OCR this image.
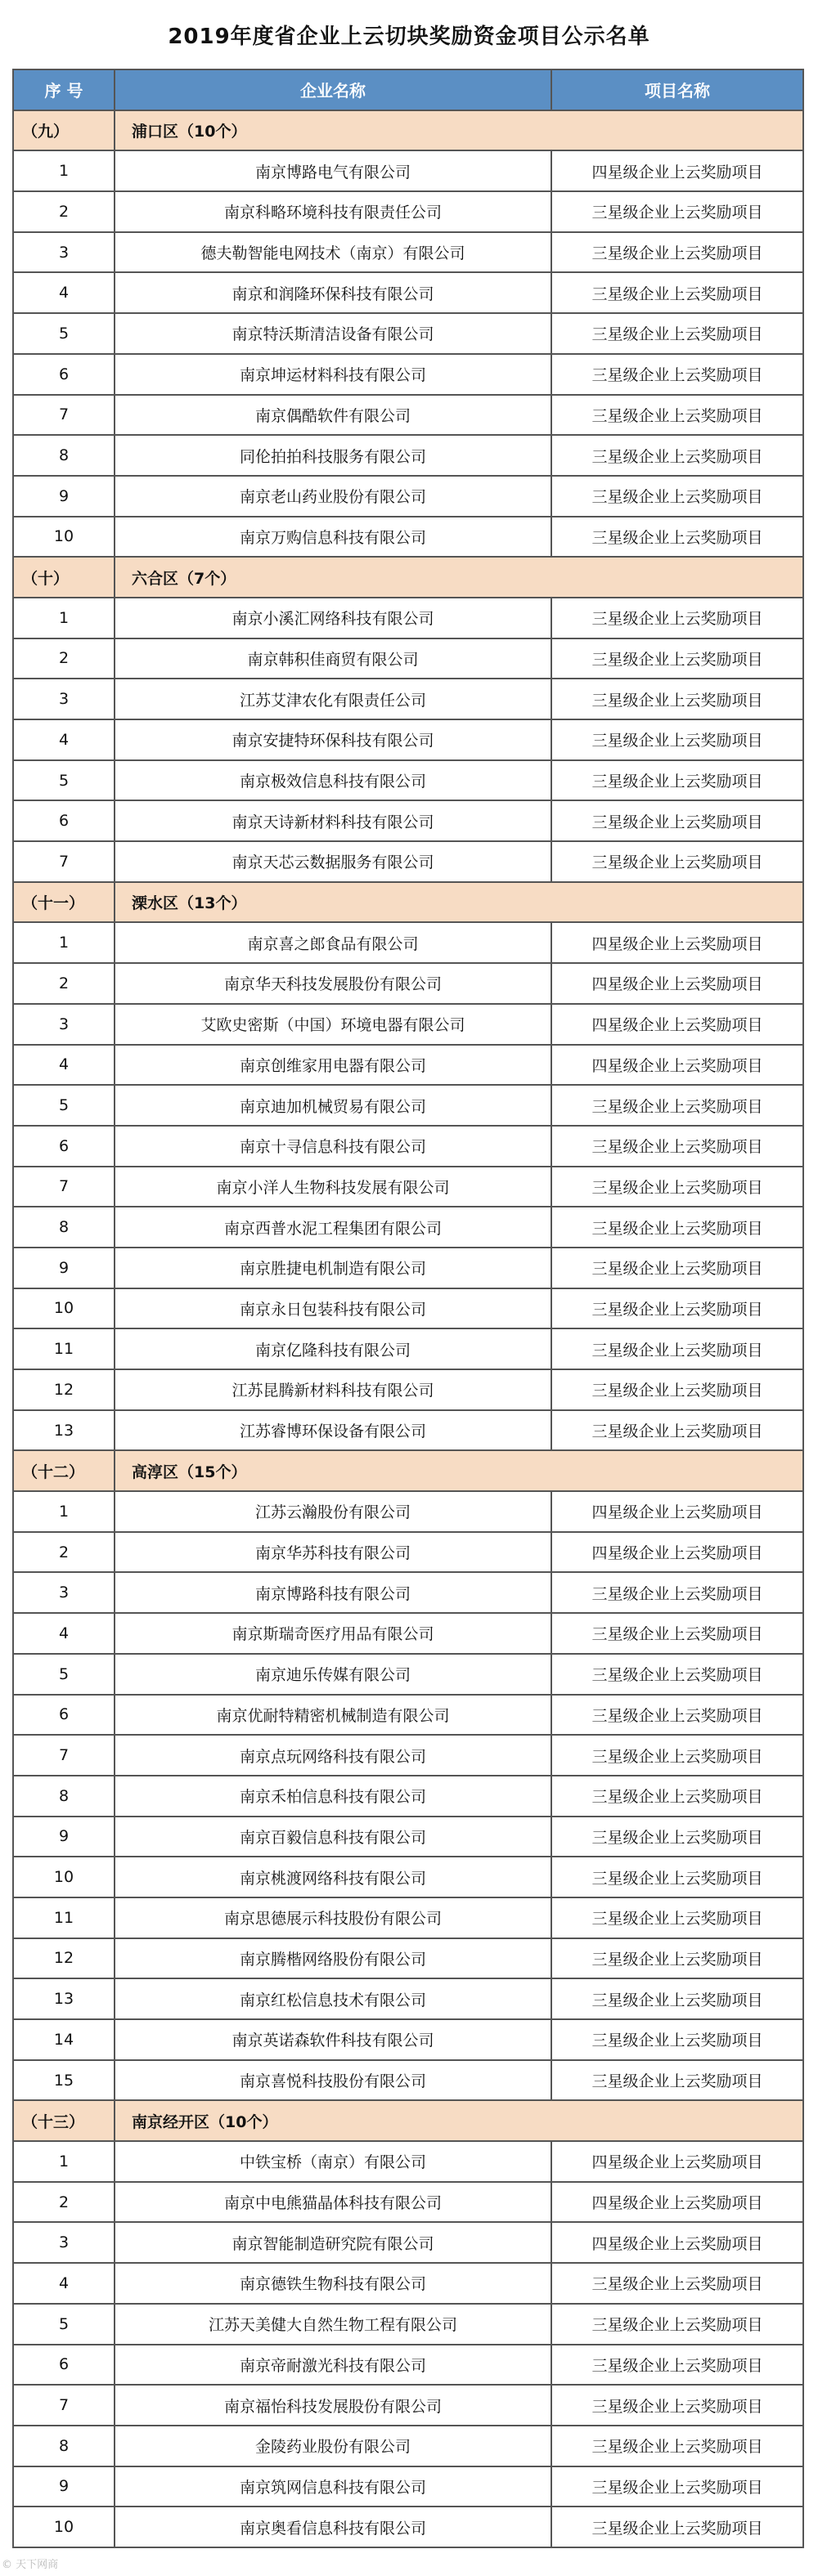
2019年度省企业上云切块奖励资金项目公示名单
序 号	企业名称	项目名称
（九）	浦口区（10个）
1	南京博路电气有限公司	四星级企业上云奖励项目
2	南京科略环境科技有限责任公司	三星级企业上云奖励项目
3	德夫勒智能电网技术（南京）有限公司	三星级企业上云奖励项目
4	南京和润隆环保科技有限公司	三星级企业上云奖励项目
5	南京特沃斯清洁设备有限公司	三星级企业上云奖励项目
6	南京坤运材料科技有限公司	三星级企业上云奖励项目
7	南京偶酷软件有限公司	三星级企业上云奖励项目
8	同伦拍拍科技服务有限公司	三星级企业上云奖励项目
9	南京老山药业股份有限公司	三星级企业上云奖励项目
10	南京万购信息科技有限公司	三星级企业上云奖励项目
（十）	六合区（7个）
1	南京小溪汇网络科技有限公司	三星级企业上云奖励项目
2	南京韩积佳商贸有限公司	三星级企业上云奖励项目
3	江苏艾津农化有限责任公司	三星级企业上云奖励项目
4	南京安捷特环保科技有限公司	三星级企业上云奖励项目
5	南京极效信息科技有限公司	三星级企业上云奖励项目
6	南京天诗新材料科技有限公司	三星级企业上云奖励项目
7	南京天芯云数据服务有限公司	三星级企业上云奖励项目
（十一）	溧水区（13个）
1	南京喜之郎食品有限公司	四星级企业上云奖励项目
2	南京华天科技发展股份有限公司	四星级企业上云奖励项目
3	艾欧史密斯（中国）环境电器有限公司	四星级企业上云奖励项目
4	南京创维家用电器有限公司	四星级企业上云奖励项目
5	南京迪加机械贸易有限公司	三星级企业上云奖励项目
6	南京十寻信息科技有限公司	三星级企业上云奖励项目
7	南京小洋人生物科技发展有限公司	三星级企业上云奖励项目
8	南京西普水泥工程集团有限公司	三星级企业上云奖励项目
9	南京胜捷电机制造有限公司	三星级企业上云奖励项目
10	南京永日包装科技有限公司	三星级企业上云奖励项目
11	南京亿隆科技有限公司	三星级企业上云奖励项目
12	江苏昆腾新材料科技有限公司	三星级企业上云奖励项目
13	江苏睿博环保设备有限公司	三星级企业上云奖励项目
（十二）	高淳区（15个）
1	江苏云瀚股份有限公司	四星级企业上云奖励项目
2	南京华苏科技有限公司	四星级企业上云奖励项目
3	南京博路科技有限公司	三星级企业上云奖励项目
4	南京斯瑞奇医疗用品有限公司	三星级企业上云奖励项目
5	南京迪乐传媒有限公司	三星级企业上云奖励项目
6	南京优耐特精密机械制造有限公司	三星级企业上云奖励项目
7	南京点玩网络科技有限公司	三星级企业上云奖励项目
8	南京禾柏信息科技有限公司	三星级企业上云奖励项目
9	南京百毅信息科技有限公司	三星级企业上云奖励项目
10	南京桃渡网络科技有限公司	三星级企业上云奖励项目
11	南京思德展示科技股份有限公司	三星级企业上云奖励项目
12	南京腾楷网络股份有限公司	三星级企业上云奖励项目
13	南京红松信息技术有限公司	三星级企业上云奖励项目
14	南京英诺森软件科技有限公司	三星级企业上云奖励项目
15	南京喜悦科技股份有限公司	三星级企业上云奖励项目
（十三）	南京经开区（10个）
1	中铁宝桥（南京）有限公司	四星级企业上云奖励项目
2	南京中电熊猫晶体科技有限公司	四星级企业上云奖励项目
3	南京智能制造研究院有限公司	四星级企业上云奖励项目
4	南京德铁生物科技有限公司	三星级企业上云奖励项目
5	江苏天美健大自然生物工程有限公司	三星级企业上云奖励项目
6	南京帝耐激光科技有限公司	三星级企业上云奖励项目
7	南京福怡科技发展股份有限公司	三星级企业上云奖励项目
8	金陵药业股份有限公司	三星级企业上云奖励项目
9	南京筑网信息科技有限公司	三星级企业上云奖励项目
10	南京奥看信息科技有限公司	三星级企业上云奖励项目
© 天下网商
